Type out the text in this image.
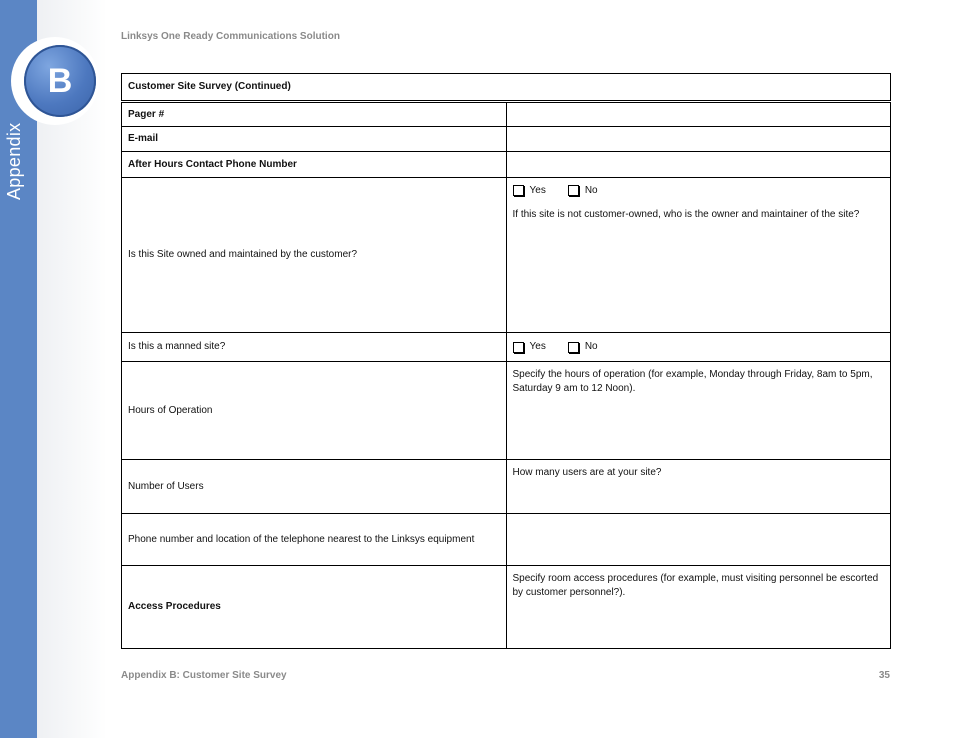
B
Appendix
Linksys One Ready Communications Solution
Customer Site Survey (Continued)	
Pager #	
E-mail	
After Hours Contact Phone Number	
Is this Site owned and maintained by the customer?	Yes No
If this site is not customer-owned, who is the owner and maintainer of the site?

Is this a manned site?	Yes No

Hours of Operation	Specify the hours of operation (for example, Monday through Friday, 8am to 5pm, Saturday 9 am to 12 Noon).

Number of Users	How many users are at your site?

Phone number and location of the telephone nearest to the Linksys equipment	
Access Procedures	Specify room access procedures (for example, must visiting personnel be escorted by customer personnel?).
Appendix B: Customer Site Survey	35
